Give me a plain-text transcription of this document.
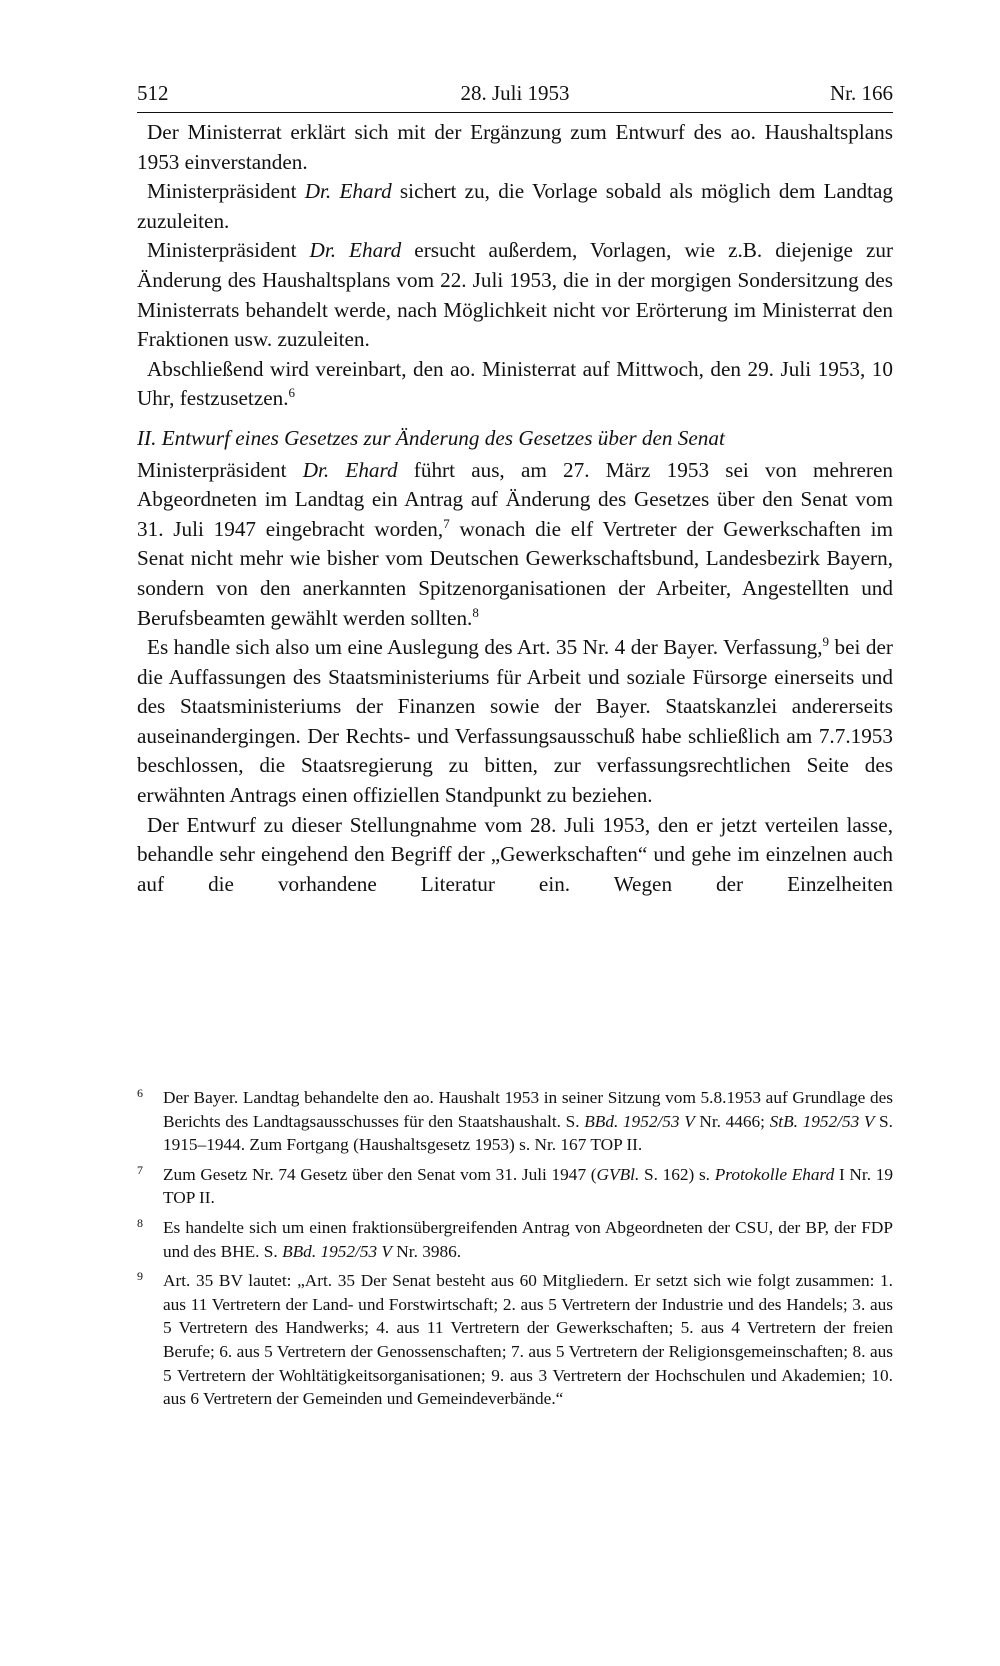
512	28. Juli 1953	Nr. 166

Der Ministerrat erklärt sich mit der Ergänzung zum Entwurf des ao. Haushaltsplans 1953 einverstanden.

Ministerpräsident Dr. Ehard sichert zu, die Vorlage sobald als möglich dem Landtag zuzuleiten.

Ministerpräsident Dr. Ehard ersucht außerdem, Vorlagen, wie z.B. diejenige zur Änderung des Haushaltsplans vom 22. Juli 1953, die in der morgigen Sondersitzung des Ministerrats behandelt werde, nach Möglichkeit nicht vor Erörterung im Ministerrat den Fraktionen usw. zuzuleiten.

Abschließend wird vereinbart, den ao. Ministerrat auf Mittwoch, den 29. Juli 1953, 10 Uhr, festzusetzen.$^6$

II. Entwurf eines Gesetzes zur Änderung des Gesetzes über den Senat

Ministerpräsident Dr. Ehard führt aus, am 27. März 1953 sei von mehreren Abgeordneten im Landtag ein Antrag auf Änderung des Gesetzes über den Senat vom 31. Juli 1947 eingebracht worden,$^7$ wonach die elf Vertreter der Gewerkschaften im Senat nicht mehr wie bisher vom Deutschen Gewerkschaftsbund, Landesbezirk Bayern, sondern von den anerkannten Spitzenorganisationen der Arbeiter, Angestellten und Berufsbeamten gewählt werden sollten.$^8$

Es handle sich also um eine Auslegung des Art. 35 Nr. 4 der Bayer. Verfassung,$^9$ bei der die Auffassungen des Staatsministeriums für Arbeit und soziale Fürsorge einerseits und des Staatsministeriums der Finanzen sowie der Bayer. Staatskanzlei andererseits auseinandergingen. Der Rechts- und Verfassungsausschuß habe schließlich am 7.7.1953 beschlossen, die Staatsregierung zu bitten, zur verfassungsrechtlichen Seite des erwähnten Antrags einen offiziellen Standpunkt zu beziehen.

Der Entwurf zu dieser Stellungnahme vom 28. Juli 1953, den er jetzt verteilen lasse, behandle sehr eingehend den Begriff der „Gewerkschaften“ und gehe im einzelnen auch auf die vorhandene Literatur ein. Wegen der Einzelheiten

6 Der Bayer. Landtag behandelte den ao. Haushalt 1953 in seiner Sitzung vom 5.8.1953 auf Grundlage des Berichts des Landtagsausschusses für den Staatshaushalt. S. BBd. 1952/53 V Nr. 4466; StB. 1952/53 V S. 1915–1944. Zum Fortgang (Haushaltsgesetz 1953) s. Nr. 167 TOP II.
7 Zum Gesetz Nr. 74 Gesetz über den Senat vom 31. Juli 1947 (GVBl. S. 162) s. Protokolle Ehard I Nr. 19 TOP II.
8 Es handelte sich um einen fraktionsübergreifenden Antrag von Abgeordneten der CSU, der BP, der FDP und des BHE. S. BBd. 1952/53 V Nr. 3986.
9 Art. 35 BV lautet: „Art. 35 Der Senat besteht aus 60 Mitgliedern. Er setzt sich wie folgt zusammen: 1. aus 11 Vertretern der Land- und Forstwirtschaft; 2. aus 5 Vertretern der Industrie und des Handels; 3. aus 5 Vertretern des Handwerks; 4. aus 11 Vertretern der Gewerkschaften; 5. aus 4 Vertretern der freien Berufe; 6. aus 5 Vertretern der Genossenschaften; 7. aus 5 Vertretern der Religionsgemeinschaften; 8. aus 5 Vertretern der Wohltätigkeitsorganisationen; 9. aus 3 Vertretern der Hochschulen und Akademien; 10. aus 6 Vertretern der Gemeinden und Gemeindeverbände.“
